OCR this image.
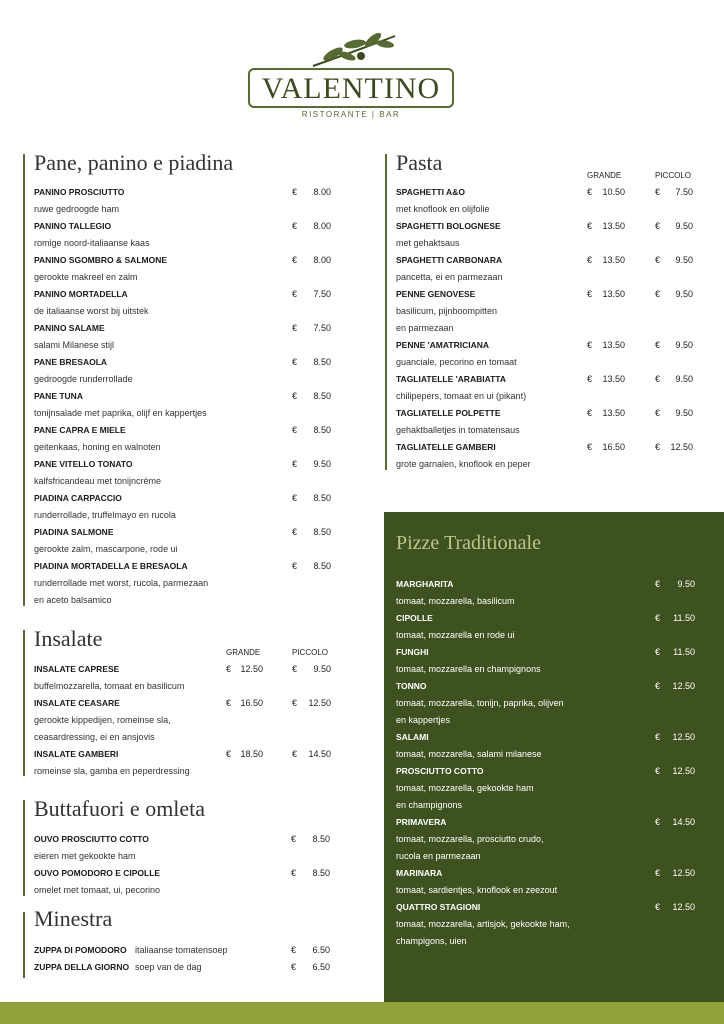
VALENTINO
RISTORANTE | BAR
Pane, panino e piadina
PANINO PROSCIUTTO	€	8.00
ruwe gedroogde ham
PANINO TALLEGIO	€	8.00
romige noord-italiaanse kaas
PANINO SGOMBRO & SALMONE	€	8.00
gerookte makreel en zalm
PANINO MORTADELLA	€	7.50
de italiaanse worst bij uitstek
PANINO SALAME	€	7.50
salami Milanese stijl
PANE BRESAOLA	€	8.50
gedroogde runderrollade
PANE TUNA	€	8.50
tonijnsalade met paprika, olijf en kappertjes
PANE CAPRA E MIELE	€	8.50
geitenkaas, honing en walnoten
PANE VITELLO TONATO	€	9.50
kalfsfricandeau met tonijncrème
PIADINA CARPACCIO	€	8.50
runderrollade, truffelmayo en rucola
PIADINA SALMONE	€	8.50
gerookte zalm, mascarpone, rode ui
PIADINA MORTADELLA E BRESAOLA	€	8.50
runderrollade met worst, rucola, parmezaan
en aceto balsamico
Pasta
GRANDE	PICCOLO
SPAGHETTI A&O	€	10.50	€	7.50
met knoflook en olijfolie
SPAGHETTI BOLOGNESE	€	13.50	€	9.50
met gehaktsaus
SPAGHETTI CARBONARA	€	13.50	€	9.50
pancetta, ei en parmezaan
PENNE GENOVESE	€	13.50	€	9.50
basilicum, pijnboompitten
en parmezaan
PENNE 'AMATRICIANA	€	13.50	€	9.50
guanciale, pecorino en tomaat
TAGLIATELLE 'ARABIATTA	€	13.50	€	9.50
chilipepers, tomaat en ui (pikant)
TAGLIATELLE POLPETTE	€	13.50	€	9.50
gehaktballetjes in tomatensaus
TAGLIATELLE GAMBERI	€	16.50	€	12.50
grote garnalen, knoflook en peper
Insalate
GRANDE	PICCOLO
INSALATE CAPRESE	€	12.50	€	9.50
buffelmozzarella, tomaat en basilicum
INSALATE CEASARE	€	16.50	€	12.50
gerookte kippedijen, romeinse sla,
ceasardressing, ei en ansjovis
INSALATE GAMBERI	€	18.50	€	14.50
romeinse sla, gamba en peperdressing
Buttafuori e omleta
OUVO PROSCIUTTO COTTO	€	8.50
eieren met gekookte ham
OUVO POMODORO E CIPOLLE	€	8.50
omelet met tomaat, ui, pecorino
Minestra
ZUPPA DI POMODORO	€	6.50
italiaanse tomatensoep
ZUPPA DELLA GIORNO	€	6.50
soep van de dag
Pizze Traditionale
MARGHARITA	€	9.50
tomaat, mozzarella, basilicum
CIPOLLE	€	11.50
tomaat, mozzarella en rode ui
FUNGHI	€	11.50
tomaat, mozzarella en champignons
TONNO	€	12.50
tomaat, mozzarella, tonijn, paprika, olijven
en kappertjes
SALAMI	€	12.50
tomaat, mozzarella, salami milanese
PROSCIUTTO COTTO	€	12.50
tomaat, mozzarella, gekookte ham
en champignons
PRIMAVERA	€	14.50
tomaat, mozzarella, prosciutto crudo,
rucola en parmezaan
MARINARA	€	12.50
tomaat, sardientjes, knoflook en zeezout
QUATTRO STAGIONI	€	12.50
tomaat, mozzarella, artisjok, gekookte ham,
champigons, uien
